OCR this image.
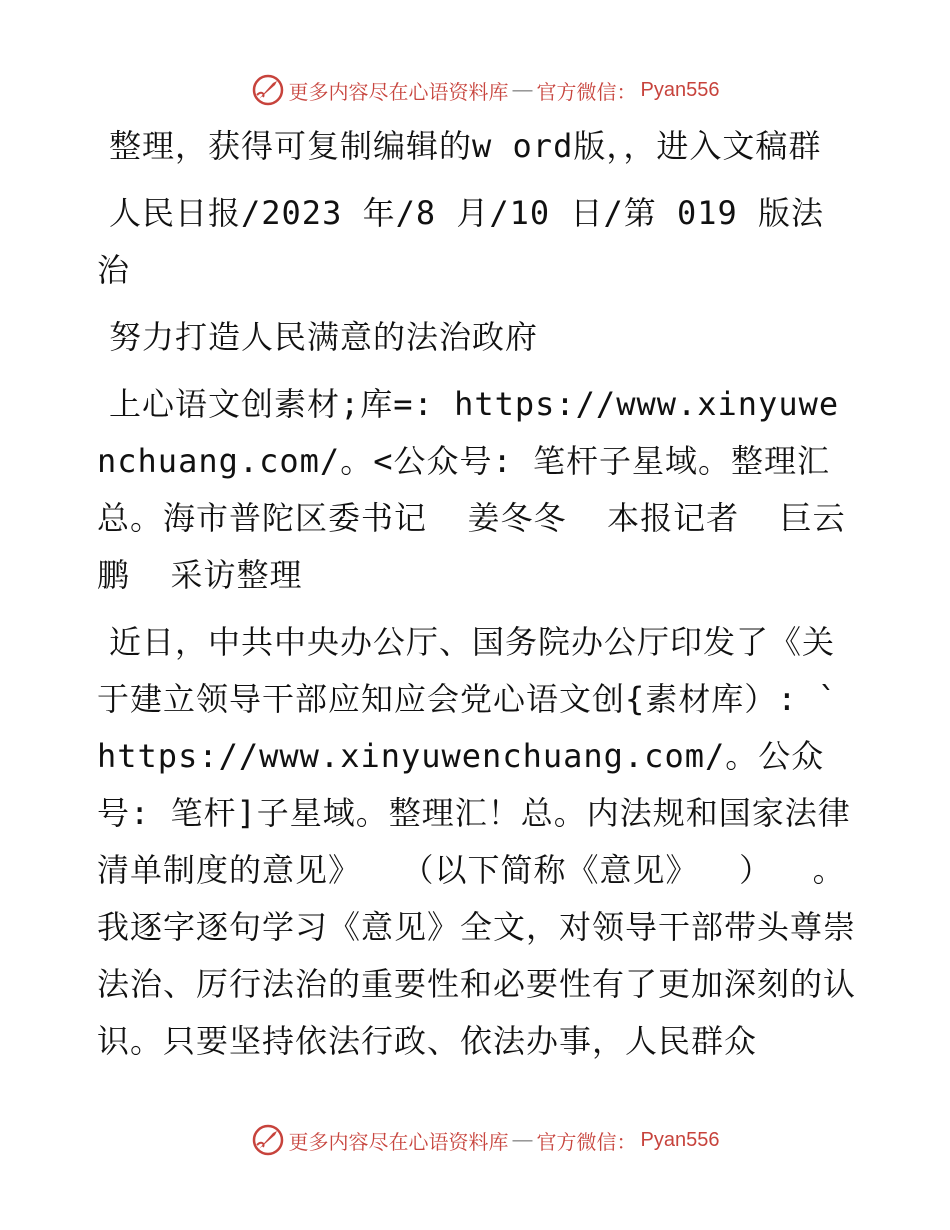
更多内容尽在心语资料库 — 官方微信： Pyan556

整理，获得可复制编辑的w ord版，，进入文稿群

人民日报/2023 年/8 月/10 日/第 019 版法治

努力打造人民满意的法治政府

上心语文创素材;库=: https://www.xinyuwenchuang.com/。<公众号: 笔杆子星域。整理汇总。海市普陀区委书记  姜冬冬  本报记者  巨云鹏  采访整理

近日，中共中央办公厅、国务院办公厅印发了《关于建立领导干部应知应会党心语文创{素材库）: `https://www.xinyuwenchuang.com/。公众号: 笔杆]子星域。整理汇！总。内法规和国家法律清单制度的意见》  （以下简称《意见》  ）  。我逐字逐句学习《意见》全文，对领导干部带头尊崇法治、厉行法治的重要性和必要性有了更加深刻的认识。只要坚持依法行政、依法办事，人民群众

更多内容尽在心语资料库 — 官方微信： Pyan556
